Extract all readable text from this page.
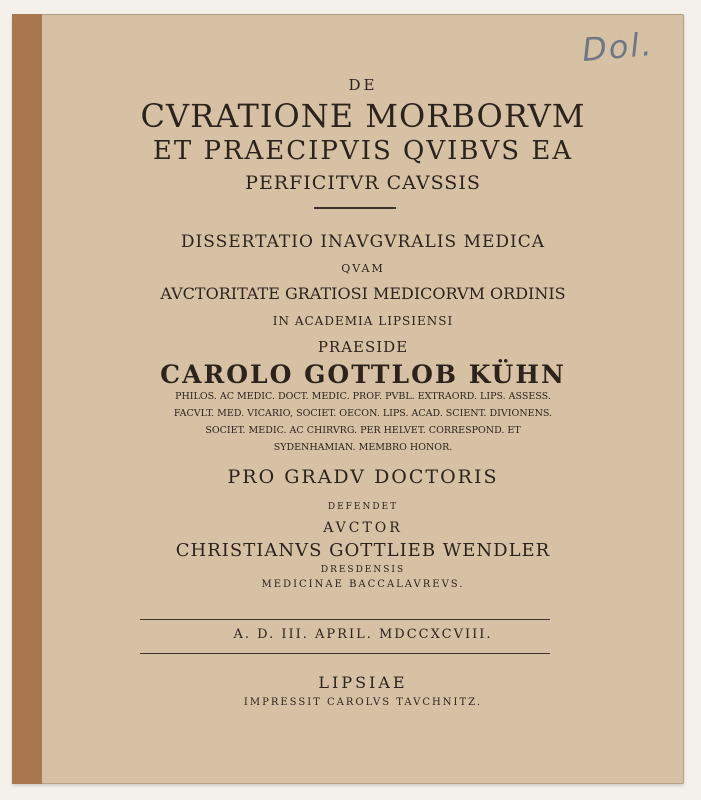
Dol.
DE
CVRATIONE MORBORVM
ET PRAECIPVIS QVIBVS EA
PERFICITVR CAVSSIS
DISSERTATIO INAVGVRALIS MEDICA
QVAM
AVCTORITATE GRATIOSI MEDICORVM ORDINIS
IN ACADEMIA LIPSIENSI
PRAESIDE
CAROLO GOTTLOB KÜHN
PHILOS. AC MEDIC. DOCT. MEDIC. PROF. PVBL. EXTRAORD. LIPS. ASSESS.
FACVLT. MED. VICARIO, SOCIET. OECON. LIPS. ACAD. SCIENT. DIVIONENS.
SOCIET. MEDIC. AC CHIRVRG. PER HELVET. CORRESPOND. ET
SYDENHAMIAN. MEMBRO HONOR.
PRO GRADV DOCTORIS
DEFENDET
AVCTOR
CHRISTIANVS GOTTLIEB WENDLER
DRESDENSIS
MEDICINAE BACCALAVREVS.
A. D. III. APRIL. MDCCXCVIII.
LIPSIAE
IMPRESSIT CAROLVS TAVCHNITZ.
